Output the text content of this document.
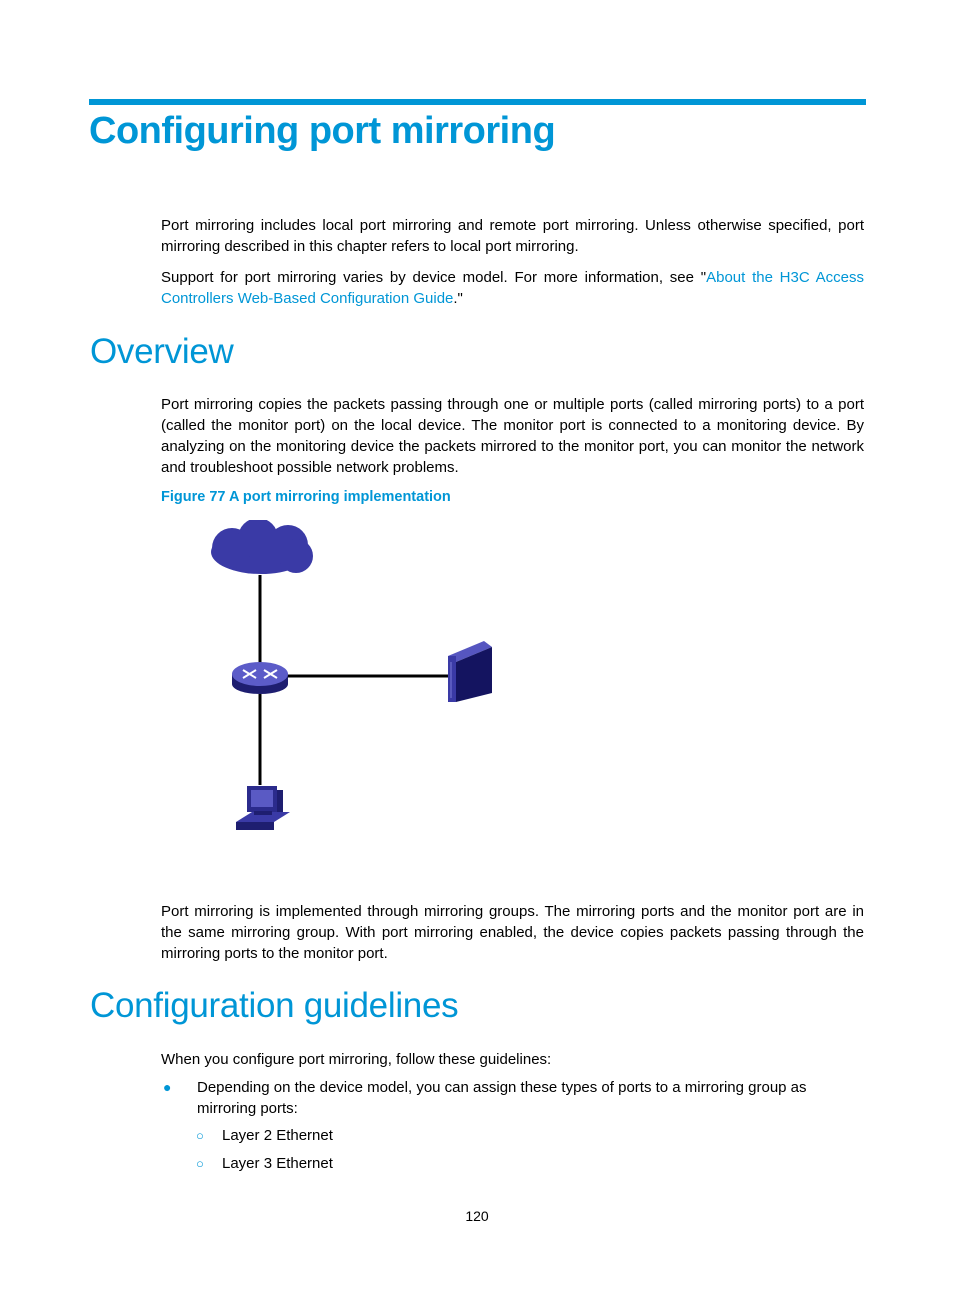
Configuring port mirroring

Port mirroring includes local port mirroring and remote port mirroring. Unless otherwise specified, port mirroring described in this chapter refers to local port mirroring.

Support for port mirroring varies by device model. For more information, see "About the H3C Access Controllers Web-Based Configuration Guide."

Overview

Port mirroring copies the packets passing through one or multiple ports (called mirroring ports) to a port (called the monitor port) on the local device. The monitor port is connected to a monitoring device. By analyzing on the monitoring device the packets mirrored to the monitor port, you can monitor the network and troubleshoot possible network problems.

Figure 77 A port mirroring implementation

Port mirroring is implemented through mirroring groups. The mirroring ports and the monitor port are in the same mirroring group. With port mirroring enabled, the device copies packets passing through the mirroring ports to the monitor port.

Configuration guidelines

When you configure port mirroring, follow these guidelines:

● Depending on the device model, you can assign these types of ports to a mirroring group as mirroring ports:
○ Layer 2 Ethernet
○ Layer 3 Ethernet
120
